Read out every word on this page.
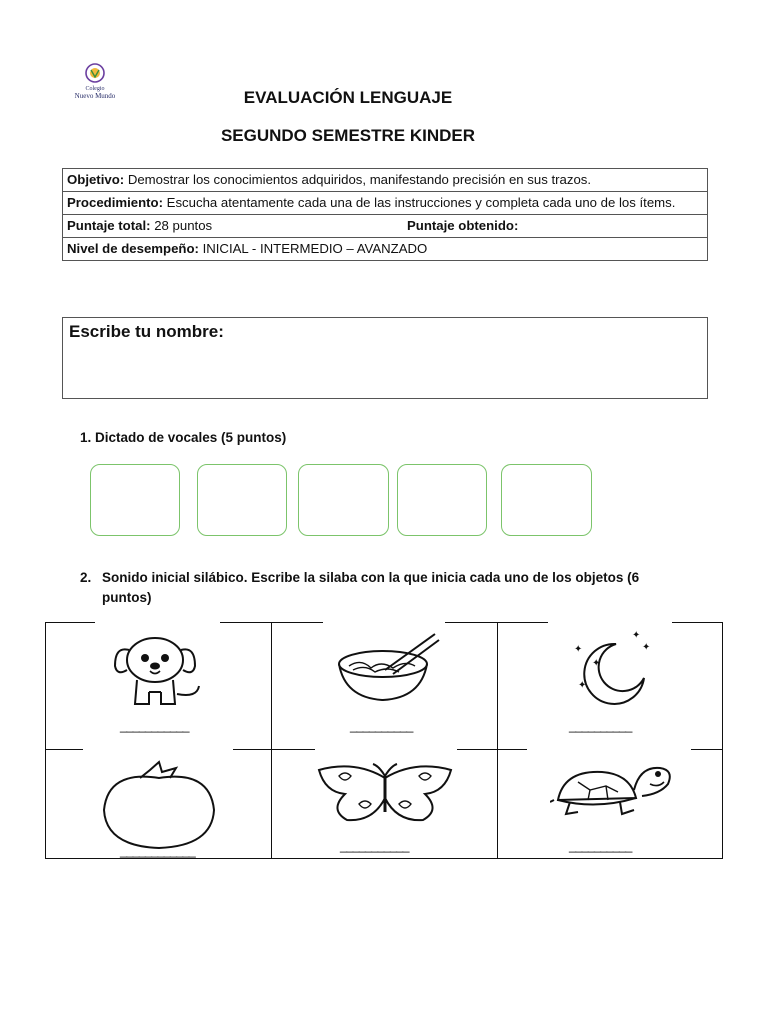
Colegio
Nuevo Mundo	EVALUACIÓN LENGUAJE
SEGUNDO SEMESTRE KINDER
Objetivo: Demostrar los conocimientos adquiridos, manifestando precisión en sus trazos.
Procedimiento: Escucha atentamente cada una de las instrucciones y completa cada uno de los ítems.
Puntaje total: 28 puntos	Puntaje obtenido:
Nivel de desempeño: INICIAL - INTERMEDIO – AVANZADO
Escribe tu nombre:
1. Dictado de vocales (5 puntos)
2. Sonido inicial silábico. Escribe la silaba con la que inicia cada uno de los objetos (6
puntos)
✦
✦
✦
✦
✦
___________	__________	__________
____________	___________	__________
